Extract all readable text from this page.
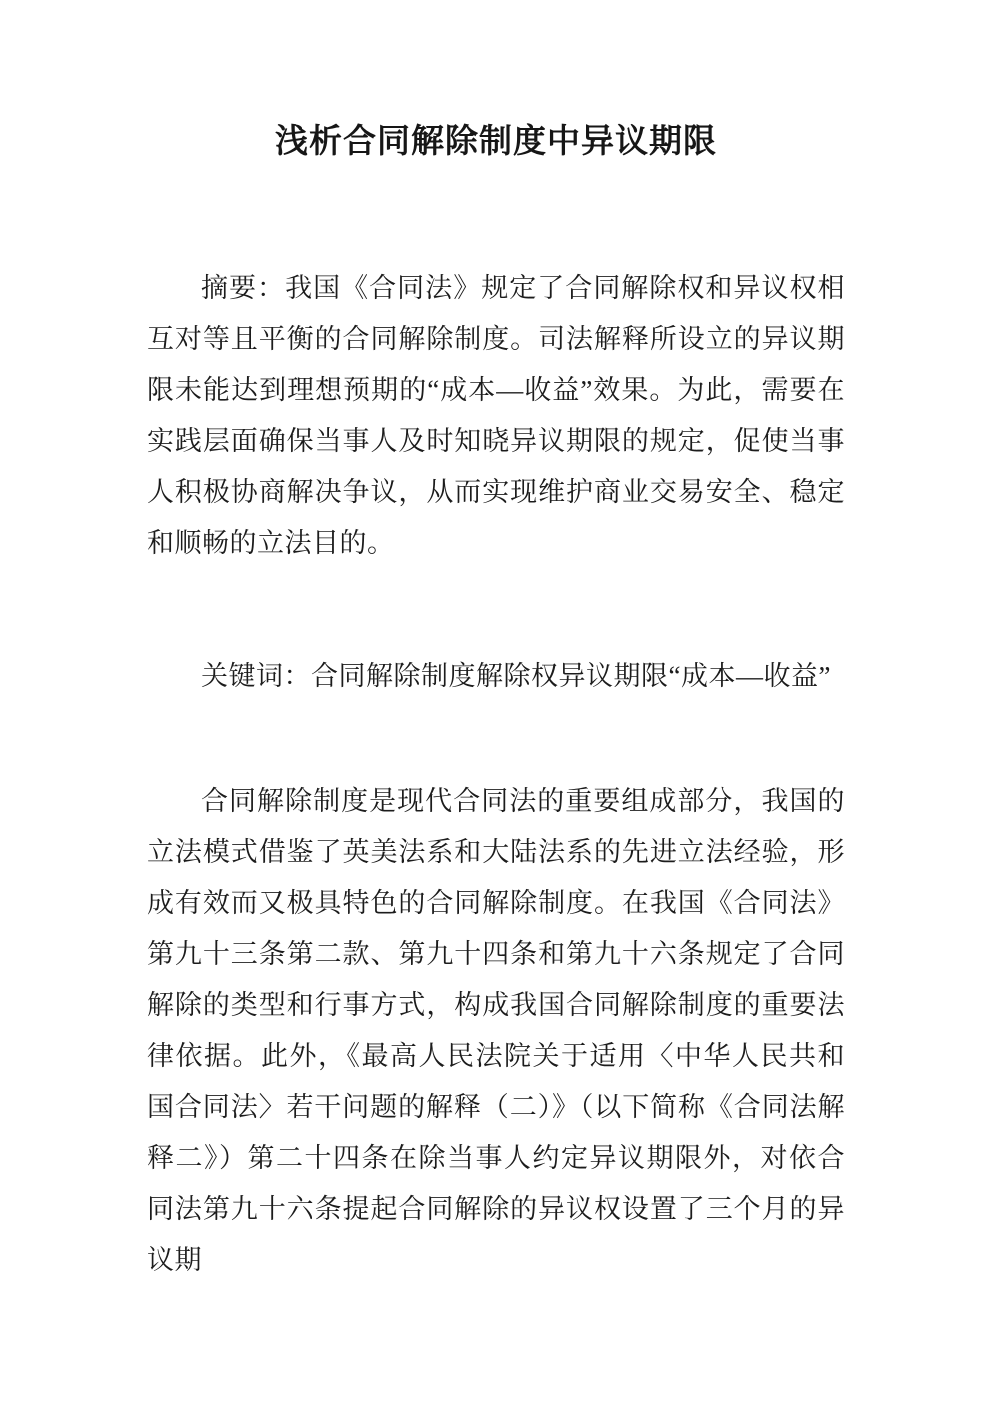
浅析合同解除制度中异议期限

摘要：我国《合同法》规定了合同解除权和异议权相互对等且平衡的合同解除制度。司法解释所设立的异议期限未能达到理想预期的“成本—收益”效果。为此，需要在实践层面确保当事人及时知晓异议期限的规定，促使当事人积极协商解决争议，从而实现维护商业交易安全、稳定和顺畅的立法目的。

关键词：合同解除制度解除权异议期限“成本—收益”

合同解除制度是现代合同法的重要组成部分，我国的立法模式借鉴了英美法系和大陆法系的先进立法经验，形成有效而又极具特色的合同解除制度。在我国《合同法》第九十三条第二款、第九十四条和第九十六条规定了合同解除的类型和行事方式，构成我国合同解除制度的重要法律依据。此外，《最高人民法院关于适用〈中华人民共和国合同法〉若干问题的解释（二）》（以下简称《合同法解释二》）第二十四条在除当事人约定异议期限外，对依合同法第九十六条提起合同解除的异议权设置了三个月的异议期
